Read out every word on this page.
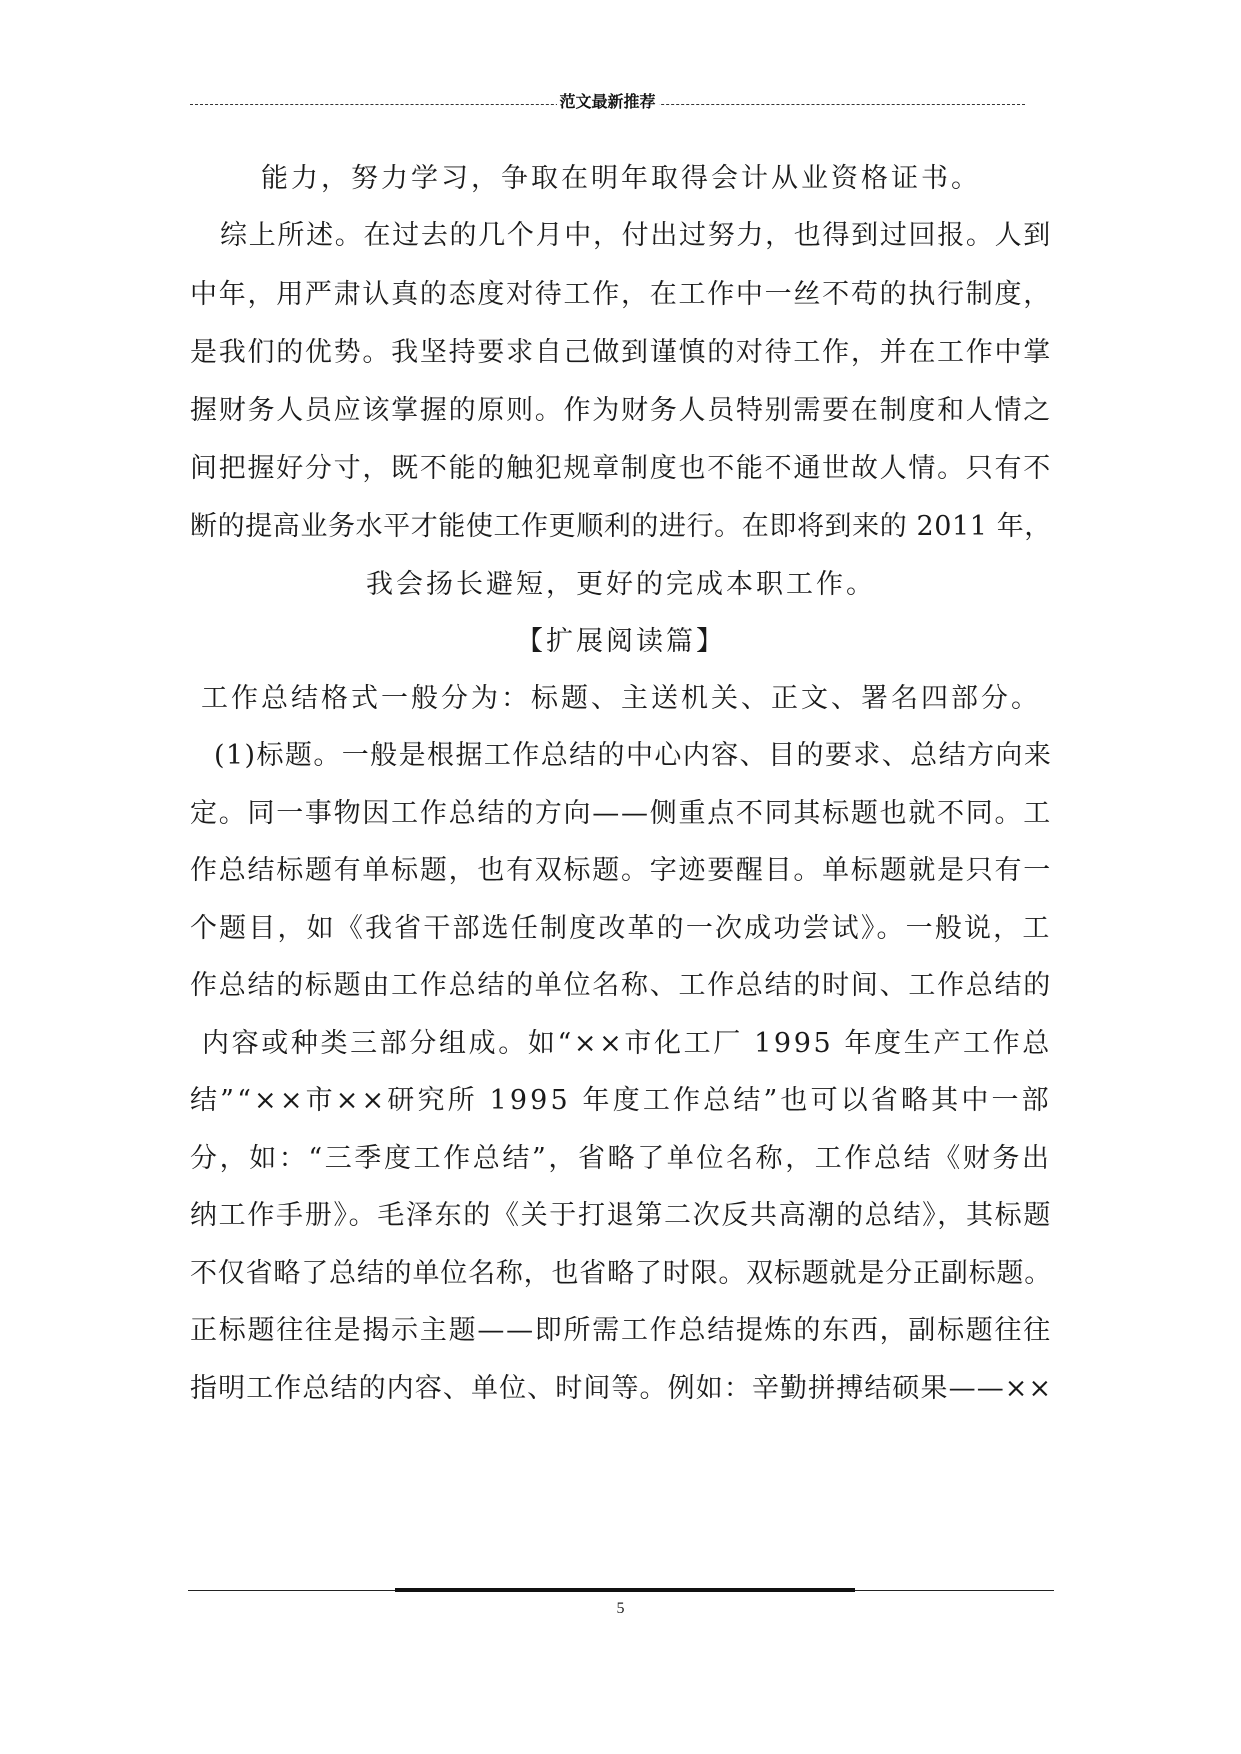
范文最新推荐
能力，努力学习，争取在明年取得会计从业资格证书。
综上所述。在过去的几个月中，付出过努力，也得到过回报。人到
中年，用严肃认真的态度对待工作，在工作中一丝不苟的执行制度，
是我们的优势。我坚持要求自己做到谨慎的对待工作，并在工作中掌
握财务人员应该掌握的原则。作为财务人员特别需要在制度和人情之
间把握好分寸，既不能的触犯规章制度也不能不通世故人情。只有不
断的提高业务水平才能使工作更顺利的进行。在即将到来的 2011 年，
我会扬长避短，更好的完成本职工作。
【扩展阅读篇】
工作总结格式一般分为：标题、主送机关、正文、署名四部分。
(1)标题。一般是根据工作总结的中心内容、目的要求、总结方向来
定。同一事物因工作总结的方向——侧重点不同其标题也就不同。工
作总结标题有单标题，也有双标题。字迹要醒目。单标题就是只有一
个题目，如《我省干部选任制度改革的一次成功尝试》。一般说，工
作总结的标题由工作总结的单位名称、工作总结的时间、工作总结的
内容或种类三部分组成。如“××市化工厂 1995 年度生产工作总
结”“××市××研究所 1995 年度工作总结”也可以省略其中一部
分，如：“三季度工作总结”，省略了单位名称，工作总结《财务出
纳工作手册》。毛泽东的《关于打退第二次反共高潮的总结》，其标题
不仅省略了总结的单位名称，也省略了时限。双标题就是分正副标题。
正标题往往是揭示主题——即所需工作总结提炼的东西，副标题往往
指明工作总结的内容、单位、时间等。例如：辛勤拼搏结硕果——××
5
